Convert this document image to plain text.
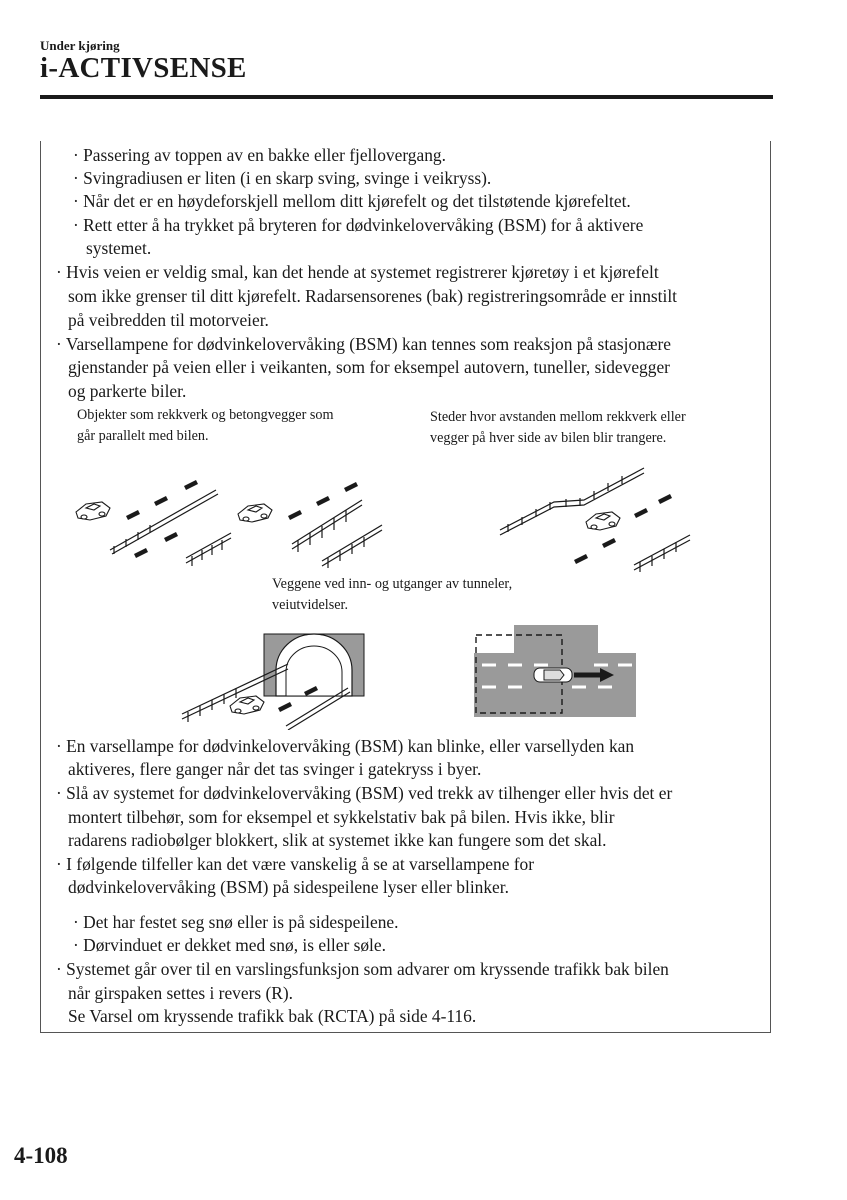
Under kjøring
i-ACTIVSENSE
· Passering av toppen av en bakke eller fjellovergang.
· Svingradiusen er liten (i en skarp sving, svinge i veikryss).
· Når det er en høydeforskjell mellom ditt kjørefelt og det tilstøtende kjørefeltet.
· Rett etter å ha trykket på bryteren for dødvinkelovervåking (BSM) for å aktivere
systemet.
· Hvis veien er veldig smal, kan det hende at systemet registrerer kjøretøy i et kjørefelt
som ikke grenser til ditt kjørefelt. Radarsensorenes (bak) registreringsområde er innstilt
på veibredden til motorveier.
· Varsellampene for dødvinkelovervåking (BSM) kan tennes som reaksjon på stasjonære
gjenstander på veien eller i veikanten, som for eksempel autovern, tuneller, sidevegger
og parkerte biler.
Objekter som rekkverk og betongvegger som
går parallelt med bilen.
Steder hvor avstanden mellom rekkverk eller
vegger på hver side av bilen blir trangere.
Veggene ved inn- og utganger av tunneler,
veiutvidelser.
· En varsellampe for dødvinkelovervåking (BSM) kan blinke, eller varsellyden kan
aktiveres, flere ganger når det tas svinger i gatekryss i byer.
· Slå av systemet for dødvinkelovervåking (BSM) ved trekk av tilhenger eller hvis det er
montert tilbehør, som for eksempel et sykkelstativ bak på bilen. Hvis ikke, blir
radarens radiobølger blokkert, slik at systemet ikke kan fungere som det skal.
· I følgende tilfeller kan det være vanskelig å se at varsellampene for
dødvinkelovervåking (BSM) på sidespeilene lyser eller blinker.
· Det har festet seg snø eller is på sidespeilene.
· Dørvinduet er dekket med snø, is eller søle.
· Systemet går over til en varslingsfunksjon som advarer om kryssende trafikk bak bilen
når girspaken settes i revers (R).
Se Varsel om kryssende trafikk bak (RCTA) på side 4-116.
4-108
